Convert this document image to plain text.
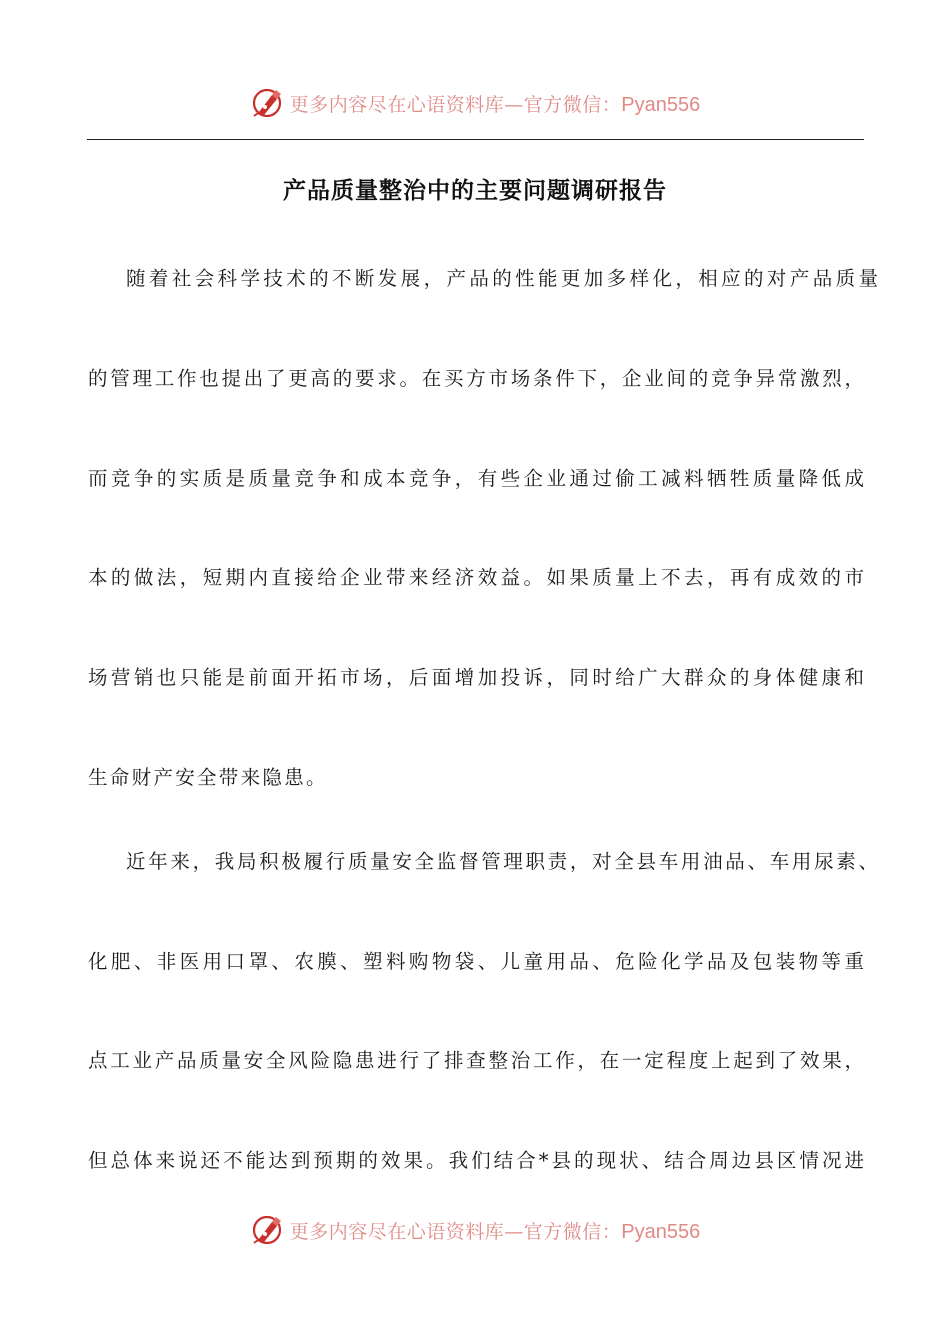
更多内容尽在心语资料库—官方微信：Pyan556
产品质量整治中的主要问题调研报告

随着社会科学技术的不断发展，产品的性能更加多样化，相应的对产品质量

的管理工作也提出了更高的要求。在买方市场条件下，企业间的竞争异常激烈，

而竞争的实质是质量竞争和成本竞争，有些企业通过偷工减料牺牲质量降低成

本的做法，短期内直接给企业带来经济效益。如果质量上不去，再有成效的市

场营销也只能是前面开拓市场，后面增加投诉，同时给广大群众的身体健康和

生命财产安全带来隐患。

近年来，我局积极履行质量安全监督管理职责，对全县车用油品、车用尿素、

化肥、非医用口罩、农膜、塑料购物袋、儿童用品、危险化学品及包装物等重

点工业产品质量安全风险隐患进行了排查整治工作，在一定程度上起到了效果，

但总体来说还不能达到预期的效果。我们结合*县的现状、结合周边县区情况进

更多内容尽在心语资料库—官方微信：Pyan556
